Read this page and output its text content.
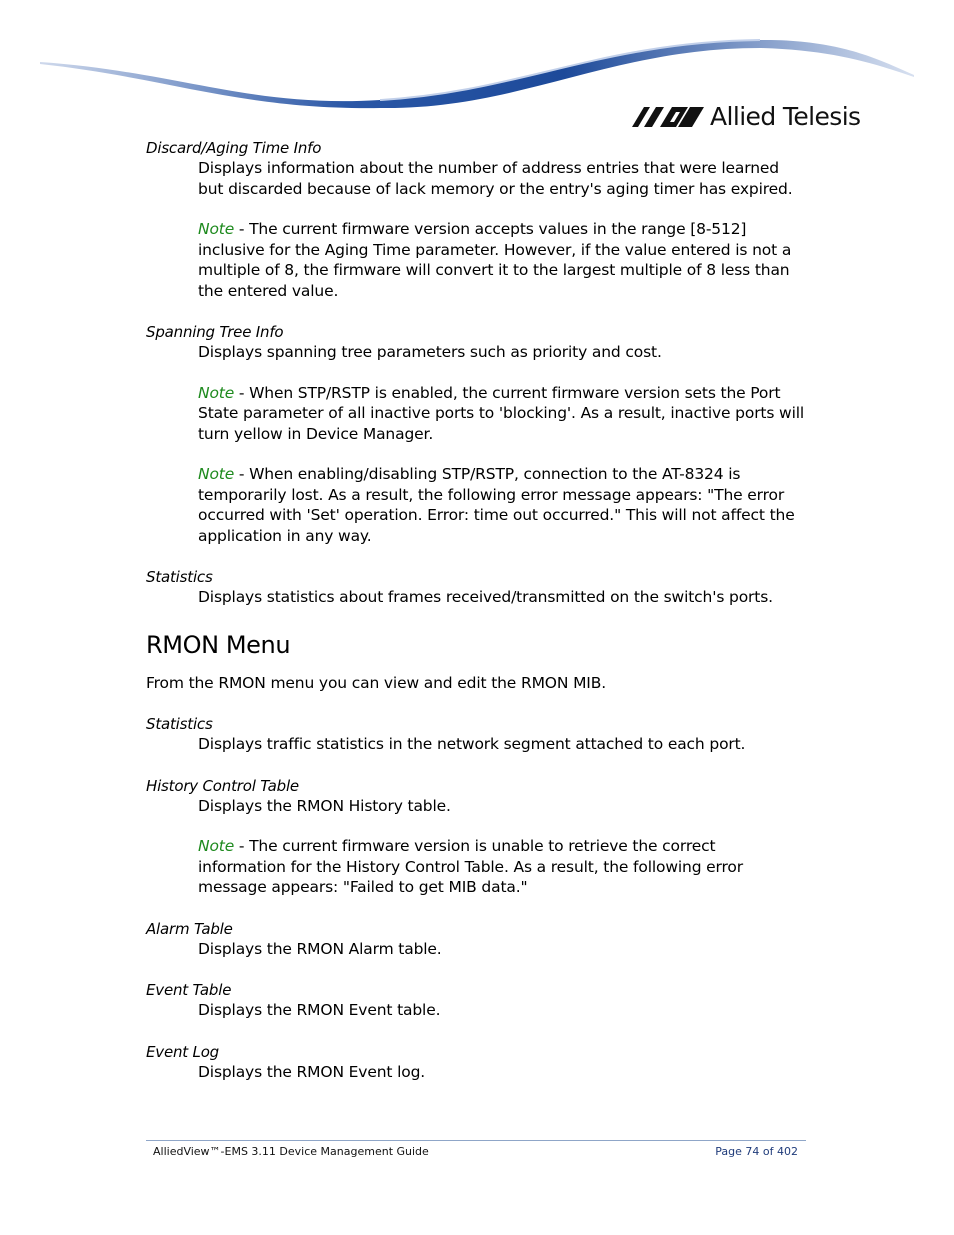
Allied Telesis

Discard/Aging Time Info

Displays information about the number of address entries that were learned but discarded because of lack memory or the entry's aging timer has expired.

Note - The current firmware version accepts values in the range [8-512] inclusive for the Aging Time parameter. However, if the value entered is not a multiple of 8, the firmware will convert it to the largest multiple of 8 less than the entered value.

Spanning Tree Info

Displays spanning tree parameters such as priority and cost.

Note - When STP/RSTP is enabled, the current firmware version sets the Port State parameter of all inactive ports to 'blocking'. As a result, inactive ports will turn yellow in Device Manager.

Note - When enabling/disabling STP/RSTP, connection to the AT-8324 is temporarily lost. As a result, the following error message appears: "The error occurred with 'Set' operation. Error: time out occurred." This will not affect the application in any way.

Statistics

Displays statistics about frames received/transmitted on the switch's ports.

RMON Menu

From the RMON menu you can view and edit the RMON MIB.

Statistics

Displays traffic statistics in the network segment attached to each port.

History Control Table

Displays the RMON History table.

Note - The current firmware version is unable to retrieve the correct information for the History Control Table. As a result, the following error message appears: "Failed to get MIB data."

Alarm Table

Displays the RMON Alarm table.

Event Table

Displays the RMON Event table.

Event Log

Displays the RMON Event log.

AlliedView™-EMS 3.11 Device Management Guide	Page 74 of 402
